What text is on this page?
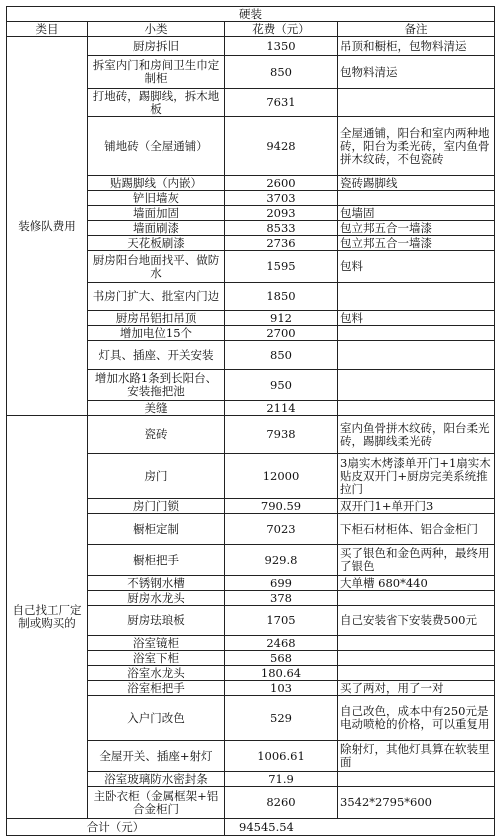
硬装			
类目	小类	花费（元）	备注
装修队费用	厨房拆旧	1350	吊顶和橱柜，包物料清运
	拆室内门和房间卫生巾定制柜	850	包物料清运
	打地砖，踢脚线，拆木地板	7631	
	铺地砖（全屋通铺）	9428	全屋通铺，阳台和室内两种地砖，阳台为柔光砖，室内鱼骨拼木纹砖，不包瓷砖
	贴踢脚线（内嵌）	2600	瓷砖踢脚线
	铲旧墙灰	3703	
	墙面加固	2093	包墙固
	墙面刷漆	8533	包立邦五合一墙漆
	天花板刷漆	2736	包立邦五合一墙漆
	厨房阳台地面找平、做防水	1595	包料
	书房门扩大、批室内门边	1850	
	厨房吊铝扣吊顶	912	包料
	增加电位15个	2700	
	灯具、插座、开关安装	850	
	增加水路1条到长阳台、安装拖把池	950	
	美缝	2114	
自己找工厂定制或购买的	瓷砖	7938	室内鱼骨拼木纹砖，阳台柔光砖，踢脚线柔光砖
	房门	12000	3扇实木烤漆单开门+1扇实木贴皮双开门+厨房完美系统推拉门
	房门门锁	790.59	双开门1+单开门3
	橱柜定制	7023	下柜石材柜体、铝合金柜门
	橱柜把手	929.8	买了银色和金色两种，最终用了银色
	不锈钢水槽	699	大单槽 680*440
	厨房水龙头	378	
	厨房珐琅板	1705	自己安装省下安装费500元
	浴室镜柜	2468	
	浴室下柜	568	
	浴室水龙头	180.64	
	浴室柜把手	103	买了两对，用了一对
	入户门改色	529	自己改色，成本中有250元是电动喷枪的价格，可以重复用
	全屋开关、插座+射灯	1006.61	除射灯，其他灯具算在软装里面
	浴室玻璃防水密封条	71.9	
	主卧衣柜（金属框架+铝合金柜门	8260	3542*2795*600
合计（元）		94545.54	
